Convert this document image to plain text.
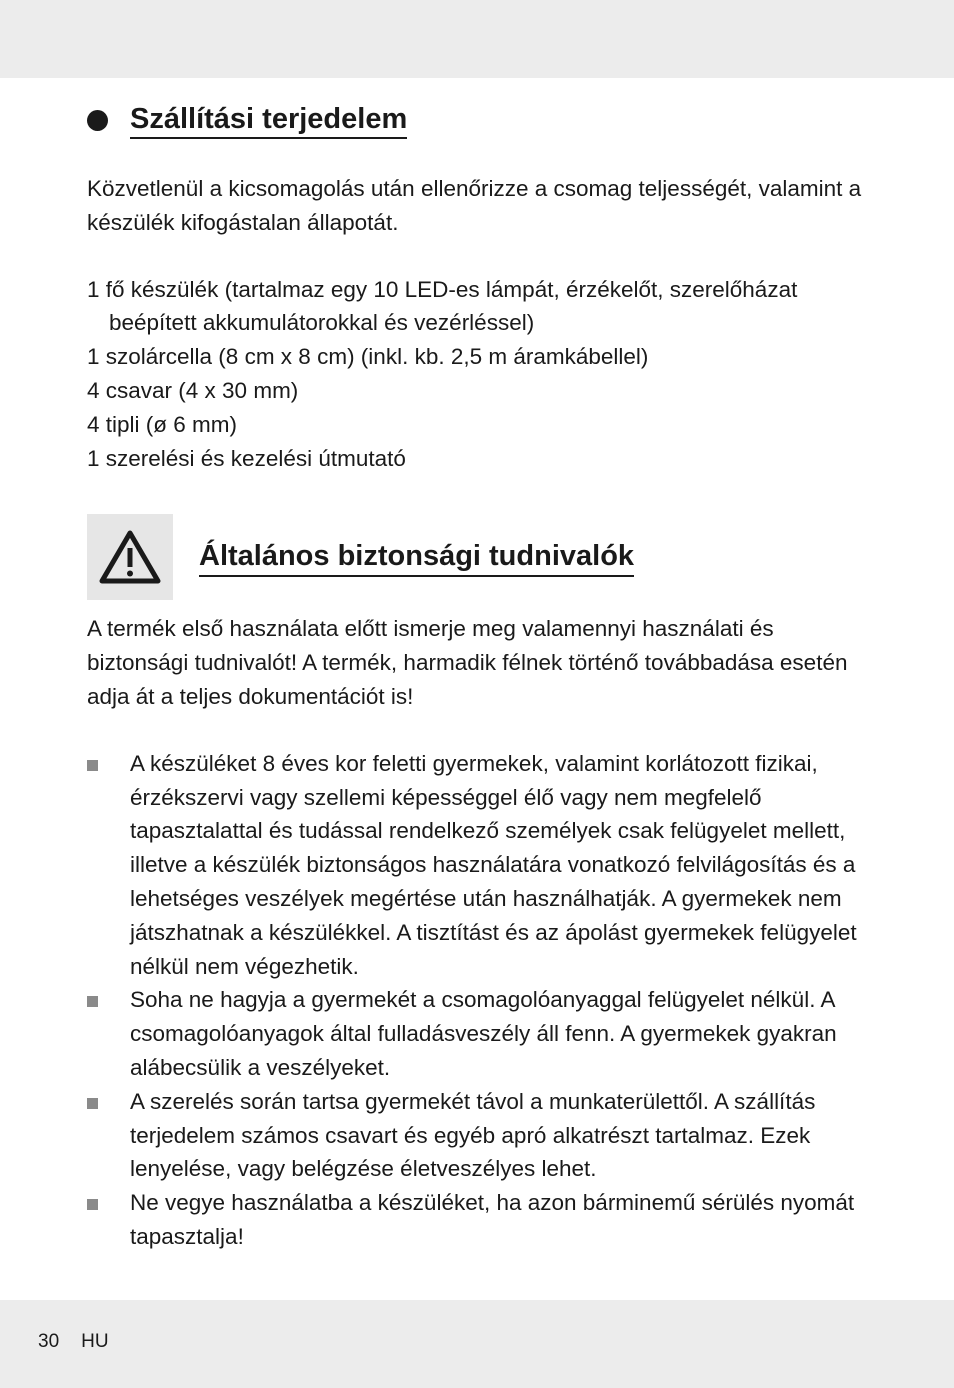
Szállítási terjedelem

Közvetlenül a kicsomagolás után ellenőrizze a csomag teljességét, valamint a készülék kifogástalan állapotát.

1 fő készülék (tartalmaz egy 10 LED-es lámpát, érzékelőt, szerelőházat beépített akkumulátorokkal és vezérléssel)

1 szolárcella (8 cm x 8 cm) (inkl. kb. 2,5 m áramkábellel)

4 csavar (4 x 30 mm)

4 tipli (ø 6 mm)

1 szerelési és kezelési útmutató

Általános biztonsági tudnivalók

A termék első használata előtt ismerje meg valamennyi használati és biztonsági tudnivalót! A termék, harmadik félnek történő továbbadása esetén adja át a teljes dokumentációt is!

A készüléket 8 éves kor feletti gyermekek, valamint korlátozott fizikai, érzékszervi vagy szellemi képességgel élő vagy nem megfelelő tapasztalattal és tudással rendelkező személyek csak felügyelet mellett, illetve a készülék biztonságos használatára vonatkozó felvilágosítás és a lehetséges veszélyek megértése után használhatják. A gyermekek nem játszhatnak a készülékkel. A tisztítást és az ápolást gyermekek felügyelet nélkül nem végezhetik.
Soha ne hagyja a gyermekét a csomagolóanyaggal felügyelet nélkül. A csomagolóanyagok által fulladásveszély áll fenn. A gyermekek gyakran alábecsülik a veszélyeket.
A szerelés során tartsa gyermekét távol a munkaterülettől. A szállítás terjedelem számos csavart és egyéb apró alkatrészt tartalmaz. Ezek lenyelése, vagy belégzése életveszélyes lehet.
Ne vegye használatba a készüléket, ha azon bárminemű sérülés nyomát tapasztalja!
30 HU
